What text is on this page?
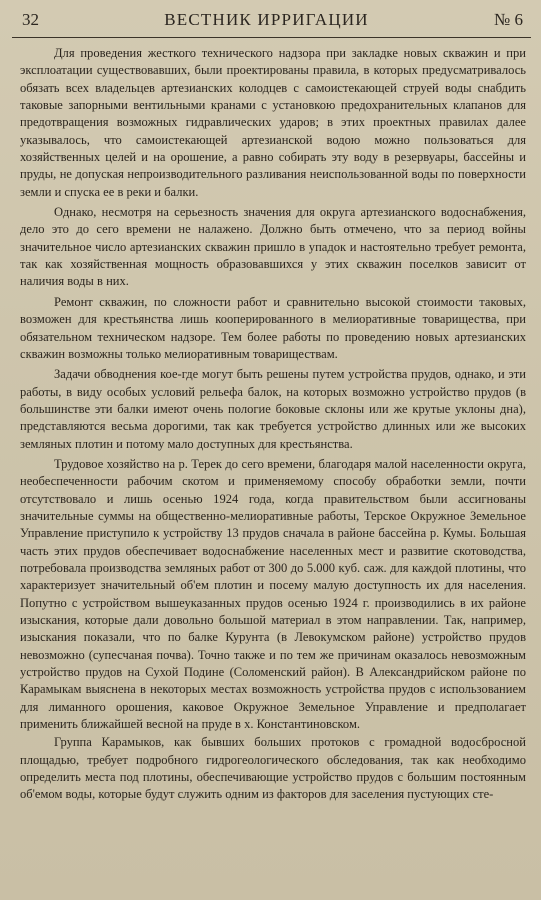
32	ВЕСТНИК ИРРИГАЦИИ	№ 6

Для проведения жесткого технического надзора при закладке новых скважин и при эксплоатации существовавших, были проектированы правила, в которых предусматривалось обязать всех владельцев артезианских колодцев с самоистекающей струей воды снабдить таковые запорными вентильными кранами с установкою предохранительных клапанов для предотвращения возможных гидравлических ударов; в этих проектных правилах далее указывалось, что самоистекающей артезианской водою можно пользоваться для хозяйственных целей и на орошение, а равно собирать эту воду в резервуары, бассейны и пруды, не допуская непроизводительного разливания неиспользованной воды по поверхности земли и спуска ее в реки и балки.

Однако, несмотря на серьезность значения для округа артезианского водоснабжения, дело это до сего времени не налажено. Должно быть отмечено, что за период войны значительное число артезианских скважин пришло в упадок и настоятельно требует ремонта, так как хозяйственная мощность образовавшихся у этих скважин поселков зависит от наличия воды в них.

Ремонт скважин, по сложности работ и сравнительно высокой стоимости таковых, возможен для крестьянства лишь кооперированного в мелиоративные товарищества, при обязательном техническом надзоре. Тем более работы по проведению новых артезианских скважин возможны только мелиоративным товариществам.

Задачи обводнения кое-где могут быть решены путем устройства прудов, однако, и эти работы, в виду особых условий рельефа балок, на которых возможно устройство прудов (в большинстве эти балки имеют очень пологие боковые склоны или же крутые уклоны дна), представляются весьма дорогими, так как требуется устройство длинных или же высоких земляных плотин и потому мало доступных для крестьянства.

Трудовое хозяйство на р. Терек до сего времени, благодаря малой населенности округа, необеспеченности рабочим скотом и применяемому способу обработки земли, почти отсутствовало и лишь осенью 1924 года, когда правительством были ассигнованы значительные суммы на общественно-мелиоративные работы, Терское Окружное Земельное Управление приступило к устройству 13 прудов сначала в районе бассейна р. Кумы. Большая часть этих прудов обеспечивает водоснабжение населенных мест и развитие скотоводства, потребовала производства земляных работ от 300 до 5.000 куб. саж. для каждой плотины, что характеризует значительный об'ем плотин и посему малую доступность их для населения. Попутно с устройством вышеуказанных прудов осенью 1924 г. производились в их районе изыскания, которые дали довольно большой материал в этом направлении. Так, например, изыскания показали, что по балке Курунта (в Левокумском районе) устройство прудов невозможно (супесчаная почва). Точно также и по тем же причинам оказалось невозможным устройство прудов на Сухой Подине (Соломенский район). В Александрийском районе по Карамыкам выяснена в некоторых местах возможность устройства прудов с использованием для лиманного орошения, каковое Окружное Земельное Управление и предполагает применить ближайшей весной на пруде в х. Константиновском.

Группа Карамыков, как бывших больших протоков с громадной водосбросной площадью, требует подробного гидрогеологического обследования, так как необходимо определить места под плотины, обеспечивающие устройство прудов с большим постоянным об'емом воды, которые будут служить одним из факторов для заселения пустующих сте-
